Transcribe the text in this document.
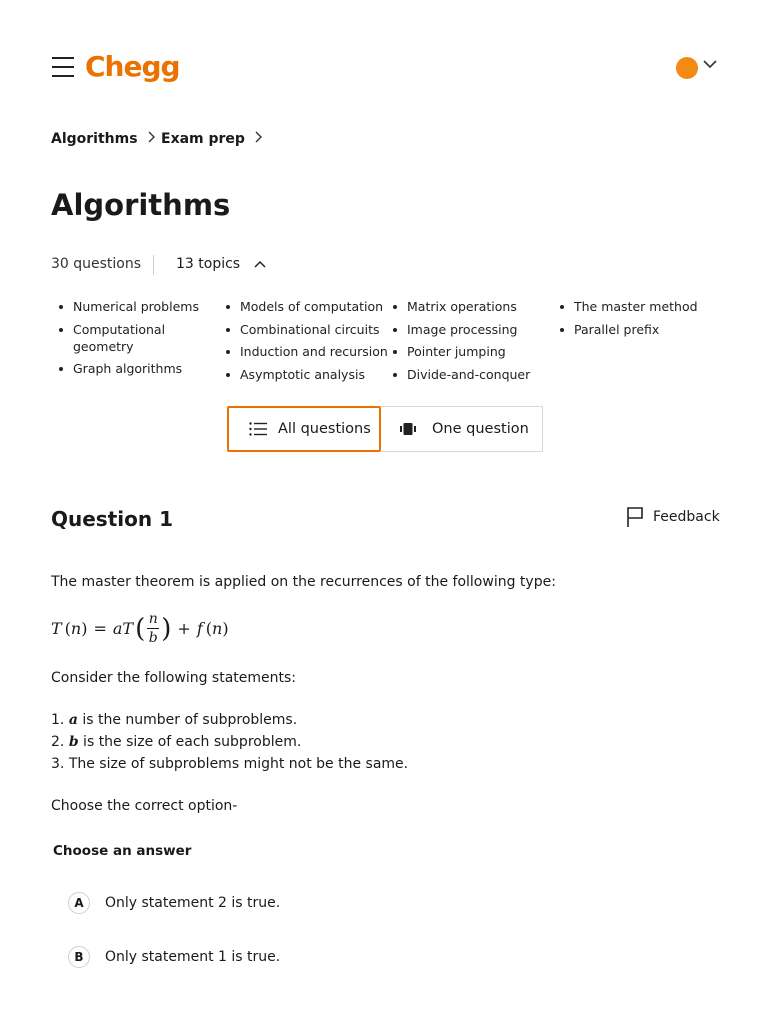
Chegg
Algorithms	Exam prep
Algorithms
30 questions 13 topics
Numerical problems
Computational geometry
Graph algorithms
Models of computation
Combinational circuits
Induction and recursion
Asymptotic analysis
Matrix operations
Image processing
Pointer jumping
Divide-and-conquer
The master method
Parallel prefix
All questions	One question
Question 1	Feedback
The master theorem is applied on the recurrences of the following type:
T ( n ) = aT ( $\frac{n}{b}$ ) + f ( n )
Consider the following statements:
1. a is the number of subproblems.
2. b is the size of each subproblem.
3. The size of subproblems might not be the same.
Choose the correct option-
Choose an answer
A	Only statement 2 is true.
B	Only statement 1 is true.
